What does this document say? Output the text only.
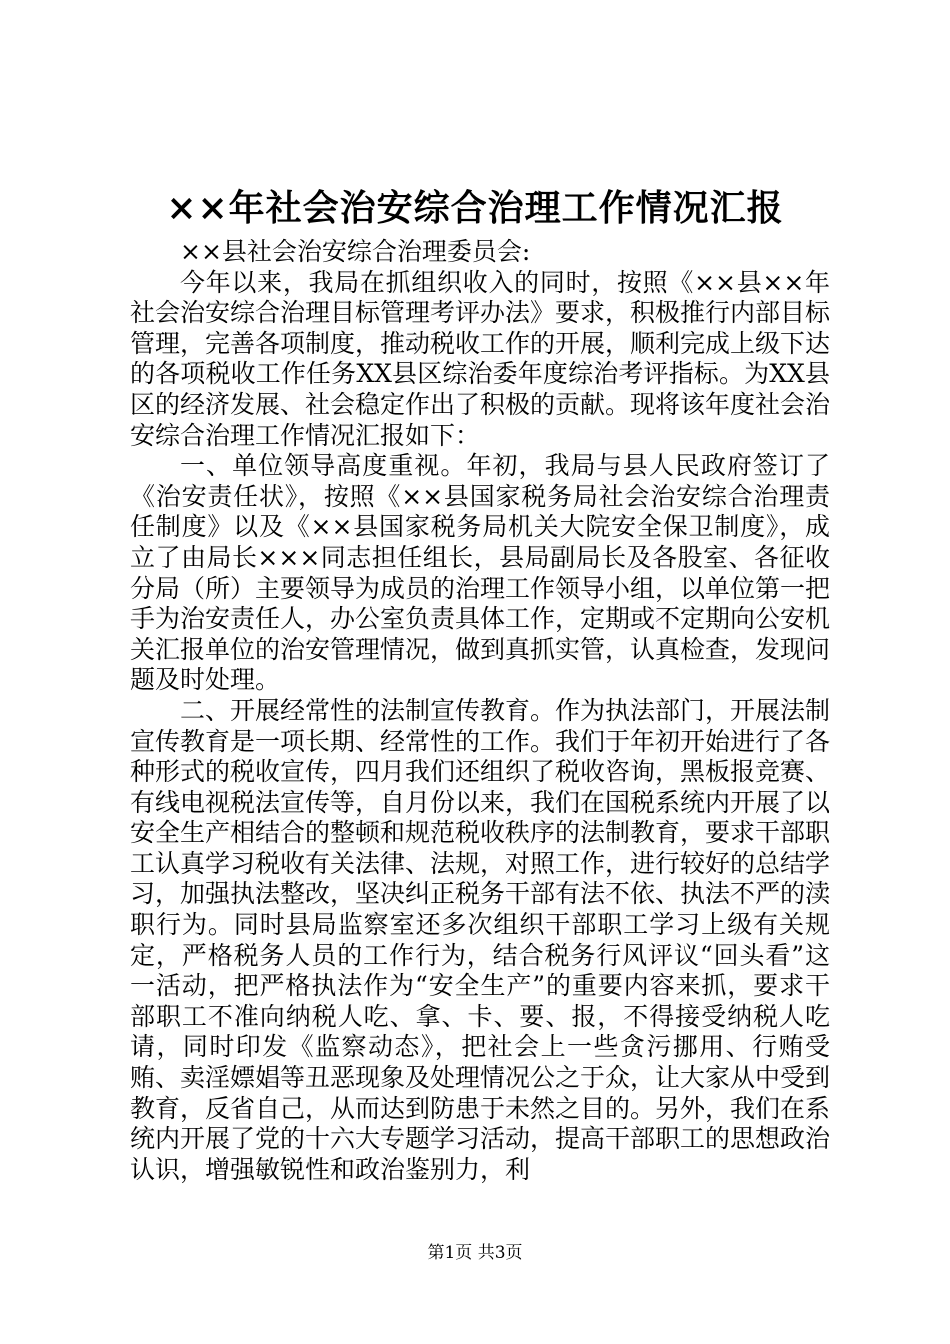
××年社会治安综合治理工作情况汇报

××县社会治安综合治理委员会:

今年以来，我局在抓组织收入的同时，按照《××县××年社会治安综合治理目标管理考评办法》要求，积极推行内部目标管理，完善各项制度，推动税收工作的开展，顺利完成上级下达的各项税收工作任务XX县区综治委年度综治考评指标。为XX县区的经济发展、社会稳定作出了积极的贡献。现将该年度社会治安综合治理工作情况汇报如下：

一、单位领导高度重视。年初，我局与县人民政府签订了《治安责任状》，按照《××县国家税务局社会治安综合治理责任制度》以及《××县国家税务局机关大院安全保卫制度》，成立了由局长×××同志担任组长，县局副局长及各股室、各征收分局（所）主要领导为成员的治理工作领导小组，以单位第一把手为治安责任人，办公室负责具体工作，定期或不定期向公安机关汇报单位的治安管理情况，做到真抓实管，认真检查，发现问题及时处理。

二、开展经常性的法制宣传教育。作为执法部门，开展法制宣传教育是一项长期、经常性的工作。我们于年初开始进行了各种形式的税收宣传，四月我们还组织了税收咨询，黑板报竞赛、有线电视税法宣传等，自月份以来，我们在国税系统内开展了以安全生产相结合的整顿和规范税收秩序的法制教育，要求干部职工认真学习税收有关法律、法规，对照工作，进行较好的总结学习，加强执法整改，坚决纠正税务干部有法不依、执法不严的渎职行为。同时县局监察室还多次组织干部职工学习上级有关规定，严格税务人员的工作行为，结合税务行风评议“回头看”这一活动，把严格执法作为“安全生产”的重要内容来抓，要求干部职工不准向纳税人吃、拿、卡、要、报，不得接受纳税人吃请，同时印发《监察动态》，把社会上一些贪污挪用、行贿受贿、卖淫嫖娼等丑恶现象及处理情况公之于众，让大家从中受到教育，反省自己，从而达到防患于未然之目的。另外，我们在系统内开展了党的十六大专题学习活动，提高干部职工的思想政治认识，增强敏锐性和政治鉴别力，利

第1页 共3页
